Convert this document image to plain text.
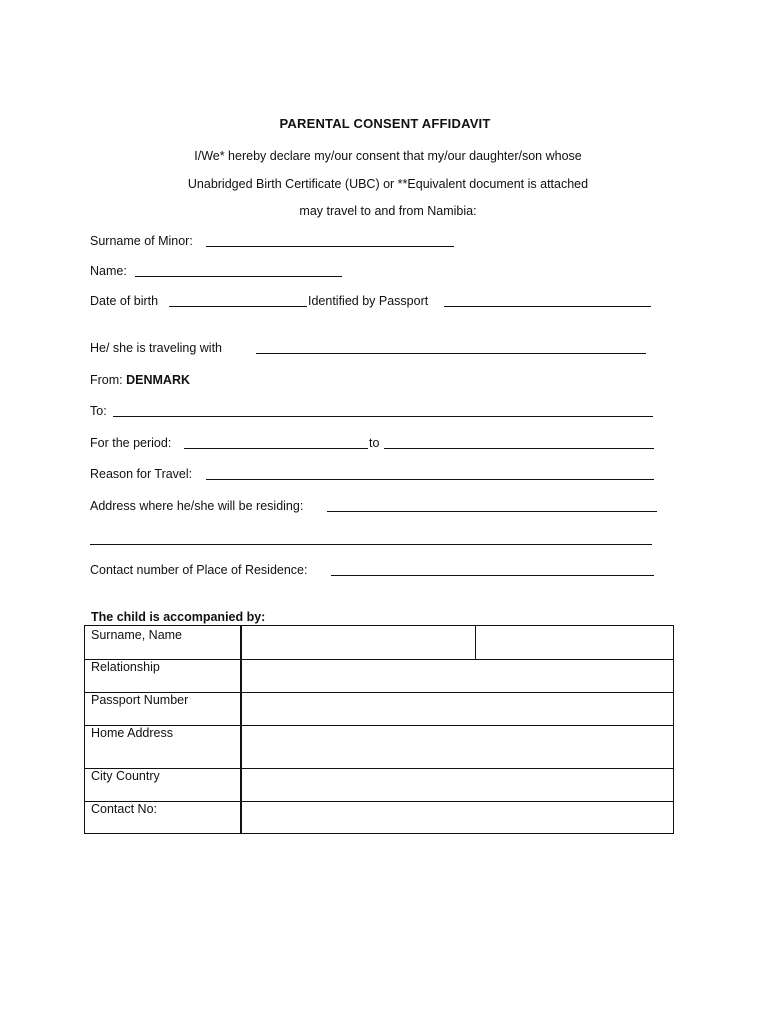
PARENTAL CONSENT AFFIDAVIT
I/We* hereby declare my/our consent that my/our daughter/son whose
Unabridged Birth Certificate (UBC) or **Equivalent document is attached
may travel to and from Namibia:
Surname of Minor:
Name:
Date of birth	Identified by Passport
He/ she is traveling with
From: DENMARK
To:
For the period:	to
Reason for Travel:
Address where he/she will be residing:
Contact number of Place of Residence:
The child is accompanied by:
Surname, Name
Relationship
Passport Number
Home Address
City Country
Contact No:
